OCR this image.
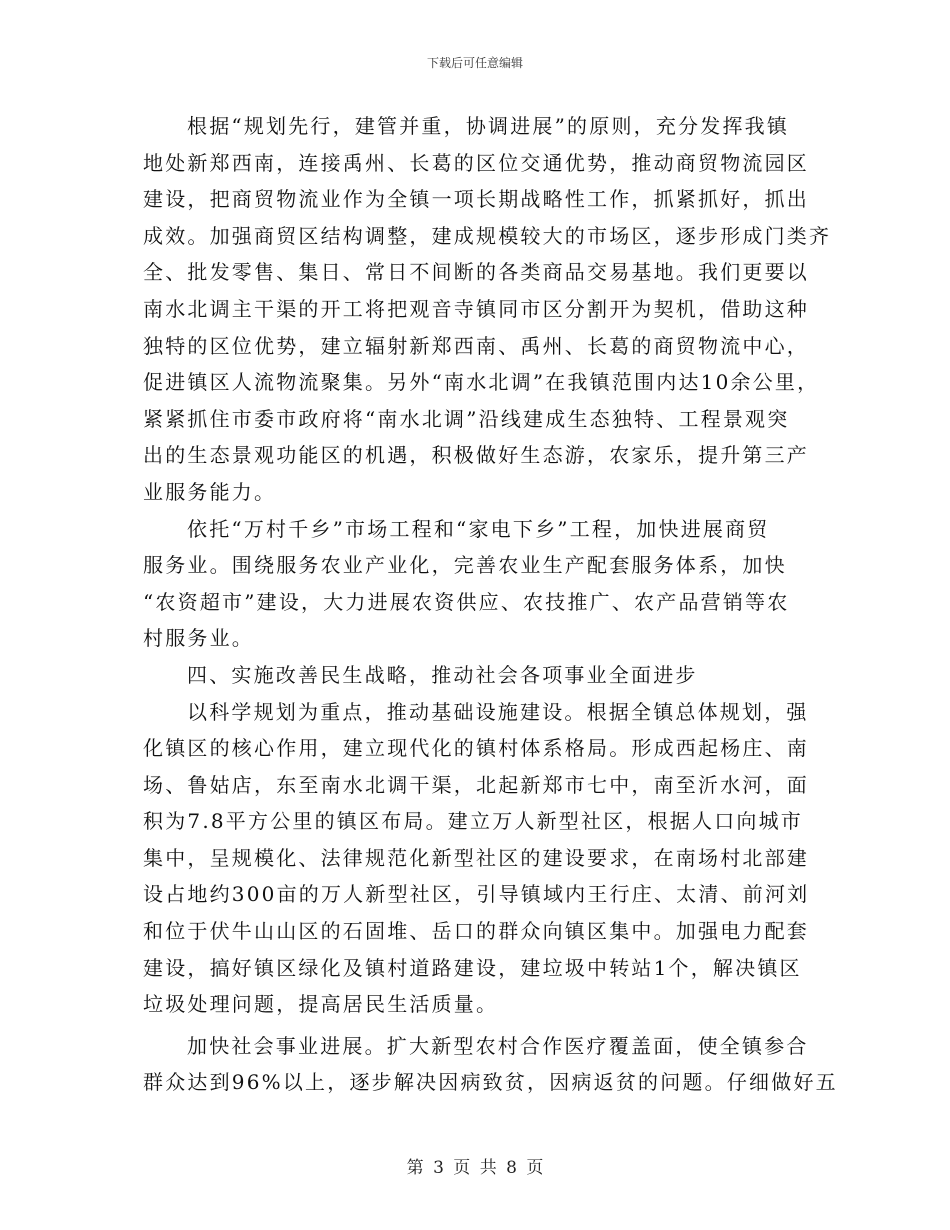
下载后可任意编辑
根据“规划先行，建管并重，协调进展”的原则，充分发挥我镇
地处新郑西南，连接禹州、长葛的区位交通优势，推动商贸物流园区
建设，把商贸物流业作为全镇一项长期战略性工作，抓紧抓好，抓出
成效。加强商贸区结构调整，建成规模较大的市场区，逐步形成门类齐
全、批发零售、集日、常日不间断的各类商品交易基地。我们更要以
南水北调主干渠的开工将把观音寺镇同市区分割开为契机，借助这种
独特的区位优势，建立辐射新郑西南、禹州、长葛的商贸物流中心，
促进镇区人流物流聚集。另外“南水北调”在我镇范围内达10余公里，
紧紧抓住市委市政府将“南水北调”沿线建成生态独特、工程景观突
出的生态景观功能区的机遇，积极做好生态游，农家乐，提升第三产
业服务能力。
依托“万村千乡”市场工程和“家电下乡”工程，加快进展商贸
服务业。围绕服务农业产业化，完善农业生产配套服务体系，加快
“农资超市”建设，大力进展农资供应、农技推广、农产品营销等农
村服务业。
四、实施改善民生战略，推动社会各项事业全面进步
以科学规划为重点，推动基础设施建设。根据全镇总体规划，强
化镇区的核心作用，建立现代化的镇村体系格局。形成西起杨庄、南
场、鲁姑店，东至南水北调干渠，北起新郑市七中，南至沂水河，面
积为7.8平方公里的镇区布局。建立万人新型社区，根据人口向城市
集中，呈规模化、法律规范化新型社区的建设要求，在南场村北部建
设占地约300亩的万人新型社区，引导镇域内王行庄、太清、前河刘
和位于伏牛山山区的石固堆、岳口的群众向镇区集中。加强电力配套
建设，搞好镇区绿化及镇村道路建设，建垃圾中转站1个，解决镇区
垃圾处理问题，提高居民生活质量。
加快社会事业进展。扩大新型农村合作医疗覆盖面，使全镇参合
群众达到96%以上，逐步解决因病致贫，因病返贫的问题。仔细做好五
第 3 页 共 8 页
